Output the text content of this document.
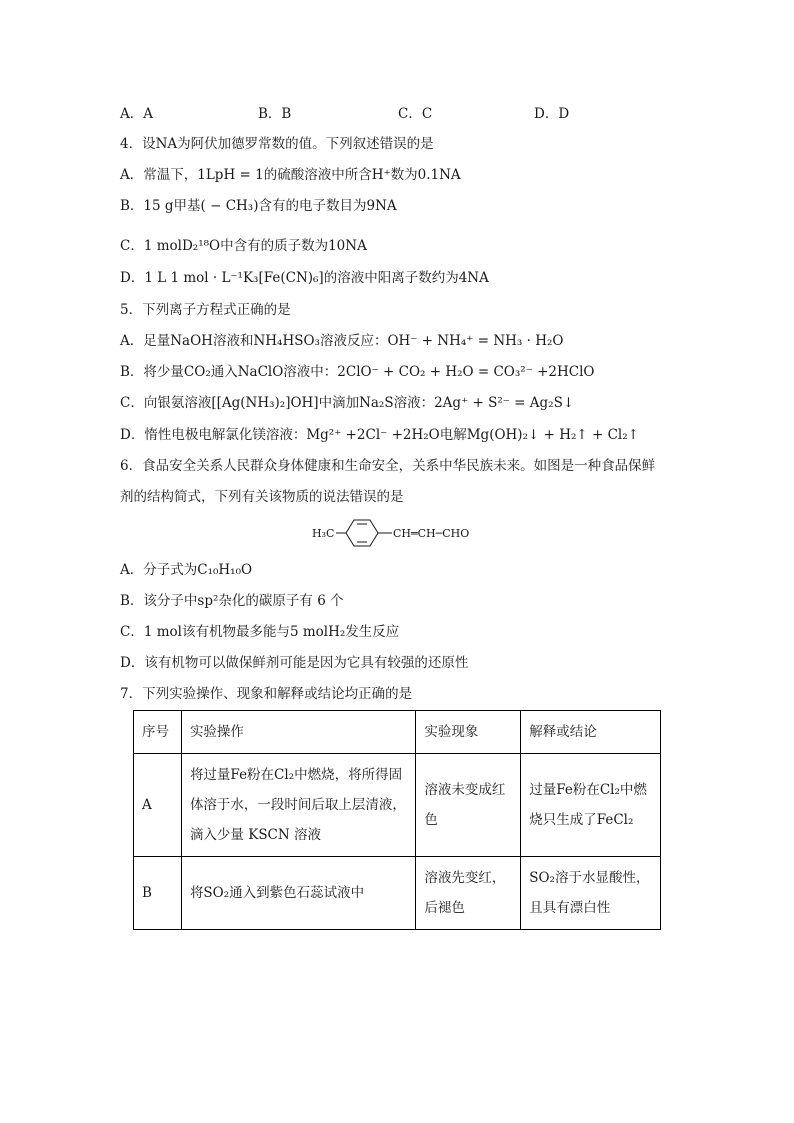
A．A	B．B	C．C	D．D
4．设NA为阿伏加德罗常数的值。下列叙述错误的是
A．常温下，1LpH = 1的硫酸溶液中所含H⁺数为0.1NA
B．15 g甲基( − CH₃)含有的电子数目为9NA
C．1 molD₂¹⁸O中含有的质子数为10NA
D．1 L 1 mol · L⁻¹K₃[Fe(CN)₆]的溶液中阳离子数约为4NA
5．下列离子方程式正确的是
A．足量NaOH溶液和NH₄HSO₃溶液反应：OH⁻ + NH₄⁺ = NH₃ · H₂O
B．将少量CO₂通入NaClO溶液中：2ClO⁻ + CO₂ + H₂O = CO₃²⁻ +2HClO
C．向银氨溶液[[Ag(NH₃)₂]OH]中滴加Na₂S溶液：2Ag⁺ + S²⁻ = Ag₂S↓
D．惰性电极电解氯化镁溶液：Mg²⁺ +2Cl⁻ +2H₂O电解Mg(OH)₂↓ + H₂↑ + Cl₂↑
6．食品安全关系人民群众身体健康和生命安全，关系中华民族未来。如图是一种食品保鲜
剂的结构简式，下列有关该物质的说法错误的是
H₃C	CH═CH─CHO
A．分子式为C₁₀H₁₀O
B．该分子中sp²杂化的碳原子有 6 个
C．1 mol该有机物最多能与5 molH₂发生反应
D．该有机物可以做保鲜剂可能是因为它具有较强的还原性
7．下列实验操作、现象和解释或结论均正确的是
序号	实验操作	实验现象	解释或结论
A	将过量Fe粉在Cl₂中燃烧，将所得固
体溶于水，一段时间后取上层清液，
滴入少量 KSCN 溶液	溶液未变成红
色	过量Fe粉在Cl₂中燃
烧只生成了FeCl₂
B	将SO₂通入到紫色石蕊试液中	溶液先变红，
后褪色	SO₂溶于水显酸性，
且具有漂白性
